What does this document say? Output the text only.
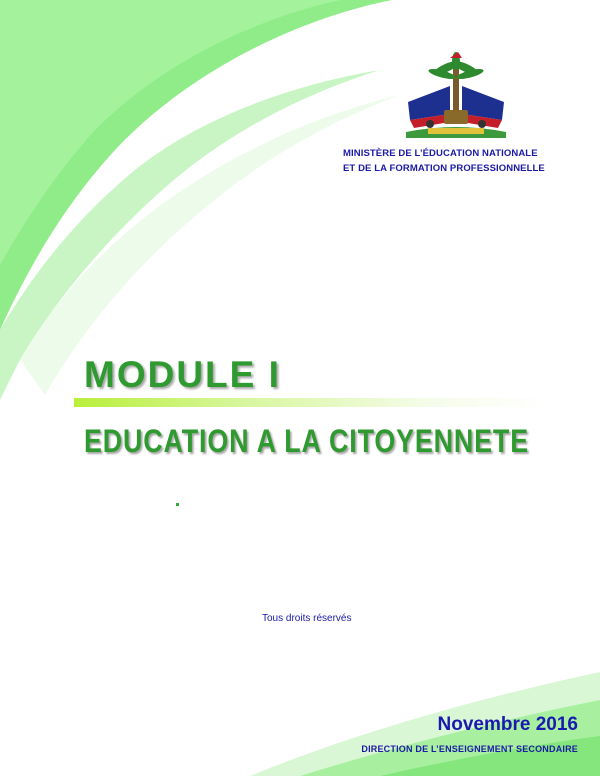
MINISTÈRE DE L’ÉDUCATION NATIONALE
ET DE LA FORMATION PROFESSIONNELLE
MODULE I
EDUCATION A LA CITOYENNETE
Tous droits réservés
Novembre 2016
DIRECTION DE L’ENSEIGNEMENT SECONDAIRE
